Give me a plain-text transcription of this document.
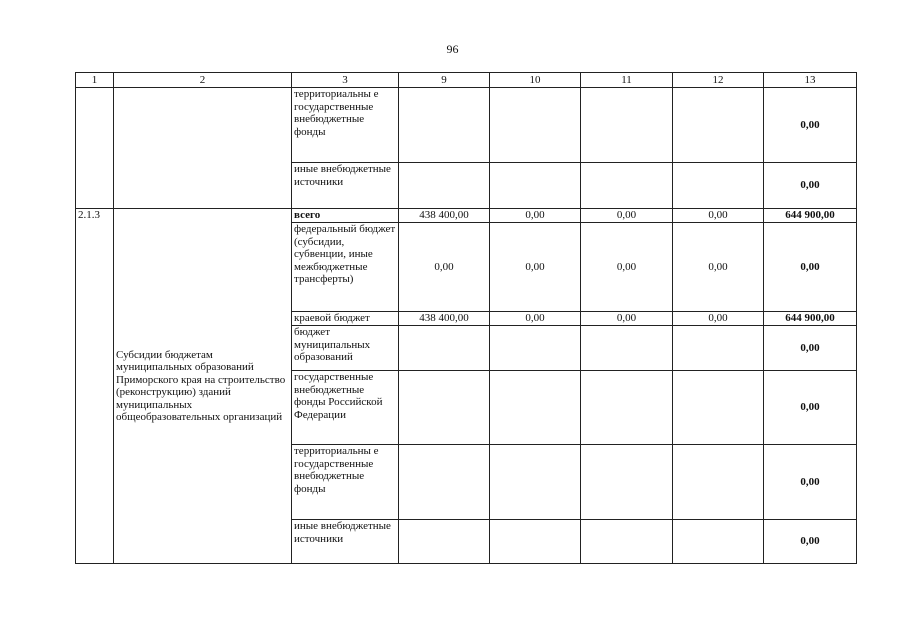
96
1	2	3	9	10	11	12	13
		территориальны е государственные внебюджетные фонды					0,00
		иные внебюджетные источники					0,00
2.1.3	Субсидии бюджетам муниципальных образований Приморского края на строительство (реконструкцию) зданий муниципальных общеобразовательных организаций	всего	438 400,00	0,00	0,00	0,00	644 900,00
		федеральный бюджет (субсидии, субвенции, иные межбюджетные трансферты)	0,00	0,00	0,00	0,00	0,00
		краевой бюджет	438 400,00	0,00	0,00	0,00	644 900,00
		бюджет муниципальных образований					0,00
		государственные внебюджетные фонды Российской Федерации					0,00
		территориальны е государственные внебюджетные фонды					0,00
		иные внебюджетные источники					0,00
